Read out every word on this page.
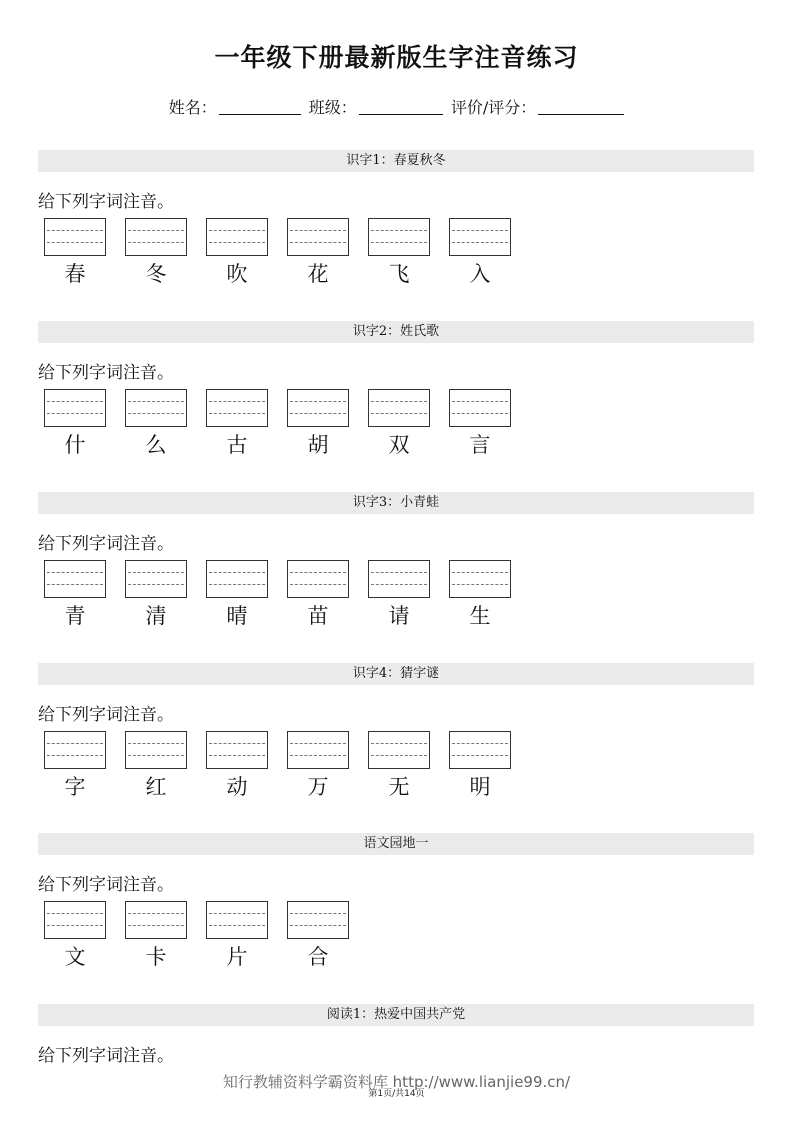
一年级下册最新版生字注音练习
姓名：	班级：	评价/评分：
识字1：春夏秋冬
给下列字词注音。
春	冬	吹	花	飞	入
识字2：姓氏歌
给下列字词注音。
什	么	古	胡	双	言
识字3：小青蛙
给下列字词注音。
青	清	晴	苗	请	生
识字4：猜字谜
给下列字词注音。
字	红	动	万	无	明
语文园地一
给下列字词注音。
文	卡	片	合
阅读1：热爱中国共产党
给下列字词注音。
知行教辅资料学霸资料库 http://www.lianjie99.cn/
第1页/共14页
